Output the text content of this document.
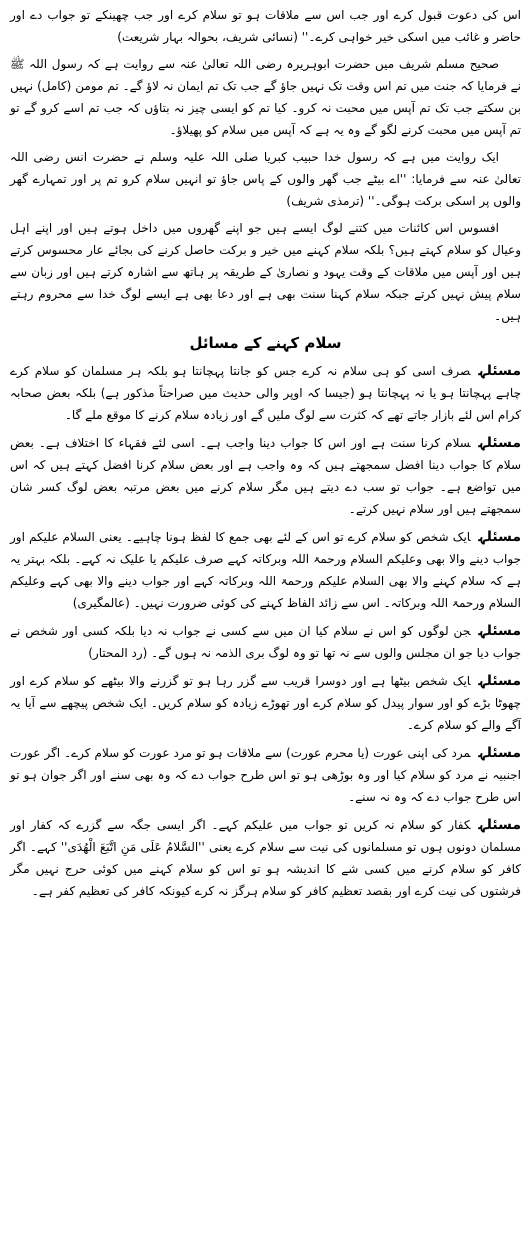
اس کی دعوت قبول کرے اور جب اس سے ملاقات ہو تو سلام کرے اور جب چھینکے تو جواب دے اور حاضر و غائب میں اسکی خیر خواہی کرے۔'' (نسائی شریف، بحوالہ بہار شریعت)

صحیح مسلم شریف میں حضرت ابوہریرہ رضی اللہ تعالیٰ عنہ سے روایت ہے کہ رسول اللہ ﷺ نے فرمایا کہ جنت میں تم اس وقت تک نہیں جاؤ گے جب تک تم ایمان نہ لاؤ گے۔ تم مومن (کامل) نہیں بن سکتے جب تک تم آپس میں محبت نہ کرو۔ کیا تم کو ایسی چیز نہ بتاؤں کہ جب تم اسے کرو گے تو تم آپس میں محبت کرنے لگو گے وہ یہ ہے کہ آپس میں سلام کو پھیلاؤ۔

ایک روایت میں ہے کہ رسول خدا حبیب کبریا صلی اللہ علیہ وسلم نے حضرت انس رضی اللہ تعالیٰ عنہ سے فرمایا: ''اے بیٹے جب گھر والوں کے پاس جاؤ تو انہیں سلام کرو تم پر اور تمہارے گھر والوں پر اسکی برکت ہوگی۔'' (ترمذی شریف)

افسوس اس کائنات میں کتنے لوگ ایسے ہیں جو اپنے گھروں میں داخل ہوتے ہیں اور اپنے اہل وعیال کو سلام کہتے ہیں؟ بلکہ سلام کہنے میں خیر و برکت حاصل کرنے کی بجائے عار محسوس کرتے ہیں اور آپس میں ملاقات کے وقت یہود و نصاریٰ کے طریقہ پر ہاتھ سے اشارہ کرتے ہیں اور زبان سے سلام پیش نہیں کرتے جبکہ سلام کہنا سنت بھی ہے اور دعا بھی ہے ایسے لوگ خدا سے محروم رہتے ہیں۔

سلام کہنے کے مسائل

مسئلہصرف اسی کو ہی سلام نہ کرے جس کو جانتا پہچانتا ہو بلکہ ہر مسلمان کو سلام کرے چاہے پہچانتا ہو یا نہ پہچانتا ہو (جیسا کہ اوپر والی حدیث میں صراحتاً مذکور ہے) بلکہ بعض صحابہ کرام اس لئے بازار جاتے تھے کہ کثرت سے لوگ ملیں گے اور زیادہ سلام کرنے کا موقع ملے گا۔

مسئلہسلام کرنا سنت ہے اور اس کا جواب دینا واجب ہے۔ اسی لئے فقہاء کا اختلاف ہے۔ بعض سلام کا جواب دینا افضل سمجھتے ہیں کہ وہ واجب ہے اور بعض سلام کرنا افضل کہتے ہیں کہ اس میں تواضع ہے۔ جواب تو سب دے دیتے ہیں مگر سلام کرنے میں بعض مرتبہ بعض لوگ کسر شان سمجھتے ہیں اور سلام نہیں کرتے۔

مسئلہایک شخص کو سلام کرے تو اس کے لئے بھی جمع کا لفظ ہونا چاہیے۔ یعنی السلام علیکم اور جواب دینے والا بھی وعلیکم السلام ورحمۃ اللہ وبرکاتہ کہے صرف علیکم یا علیک نہ کہے۔ بلکہ بہتر یہ ہے کہ سلام کہنے والا بھی السلام علیکم ورحمۃ اللہ وبرکاتہ کہے اور جواب دینے والا بھی کہے وعلیکم السلام ورحمۃ اللہ وبرکاتہ۔ اس سے زائد الفاظ کہنے کی کوئی ضرورت نہیں۔ (عالمگیری)

مسئلہجن لوگوں کو اس نے سلام کیا ان میں سے کسی نے جواب نہ دیا بلکہ کسی اور شخص نے جواب دیا جو ان مجلس والوں سے نہ تھا تو وہ لوگ بری الذمہ نہ ہوں گے۔ (رد المحتار)

مسئلہایک شخص بیٹھا ہے اور دوسرا قریب سے گزر رہا ہو تو گزرنے والا بیٹھے کو سلام کرے اور چھوٹا بڑے کو اور سوار پیدل کو سلام کرے اور تھوڑے زیادہ کو سلام کریں۔ ایک شخص پیچھے سے آیا یہ آگے والے کو سلام کرے۔

مسئلہمرد کی اپنی عورت (یا محرم عورت) سے ملاقات ہو تو مرد عورت کو سلام کرے۔ اگر عورت اجنبیہ نے مرد کو سلام کیا اور وہ بوڑھی ہو تو اس طرح جواب دے کہ وہ بھی سنے اور اگر جوان ہو تو اس طرح جواب دے کہ وہ نہ سنے۔

مسئلہکفار کو سلام نہ کریں تو جواب میں علیکم کہے۔ اگر ایسی جگہ سے گزرے کہ کفار اور مسلمان دونوں ہوں تو مسلمانوں کی نیت سے سلام کرے یعنی ''السَّلامُ عَلَى مَنِ اتَّبَعَ الْهُدَى'' کہے۔ اگر کافر کو سلام کرنے میں کسی شے کا اندیشہ ہو تو اس کو سلام کہنے میں کوئی حرج نہیں مگر فرشتوں کی نیت کرے اور بقصد تعظیم کافر کو سلام ہرگز نہ کرے کیونکہ کافر کی تعظیم کفر ہے۔
